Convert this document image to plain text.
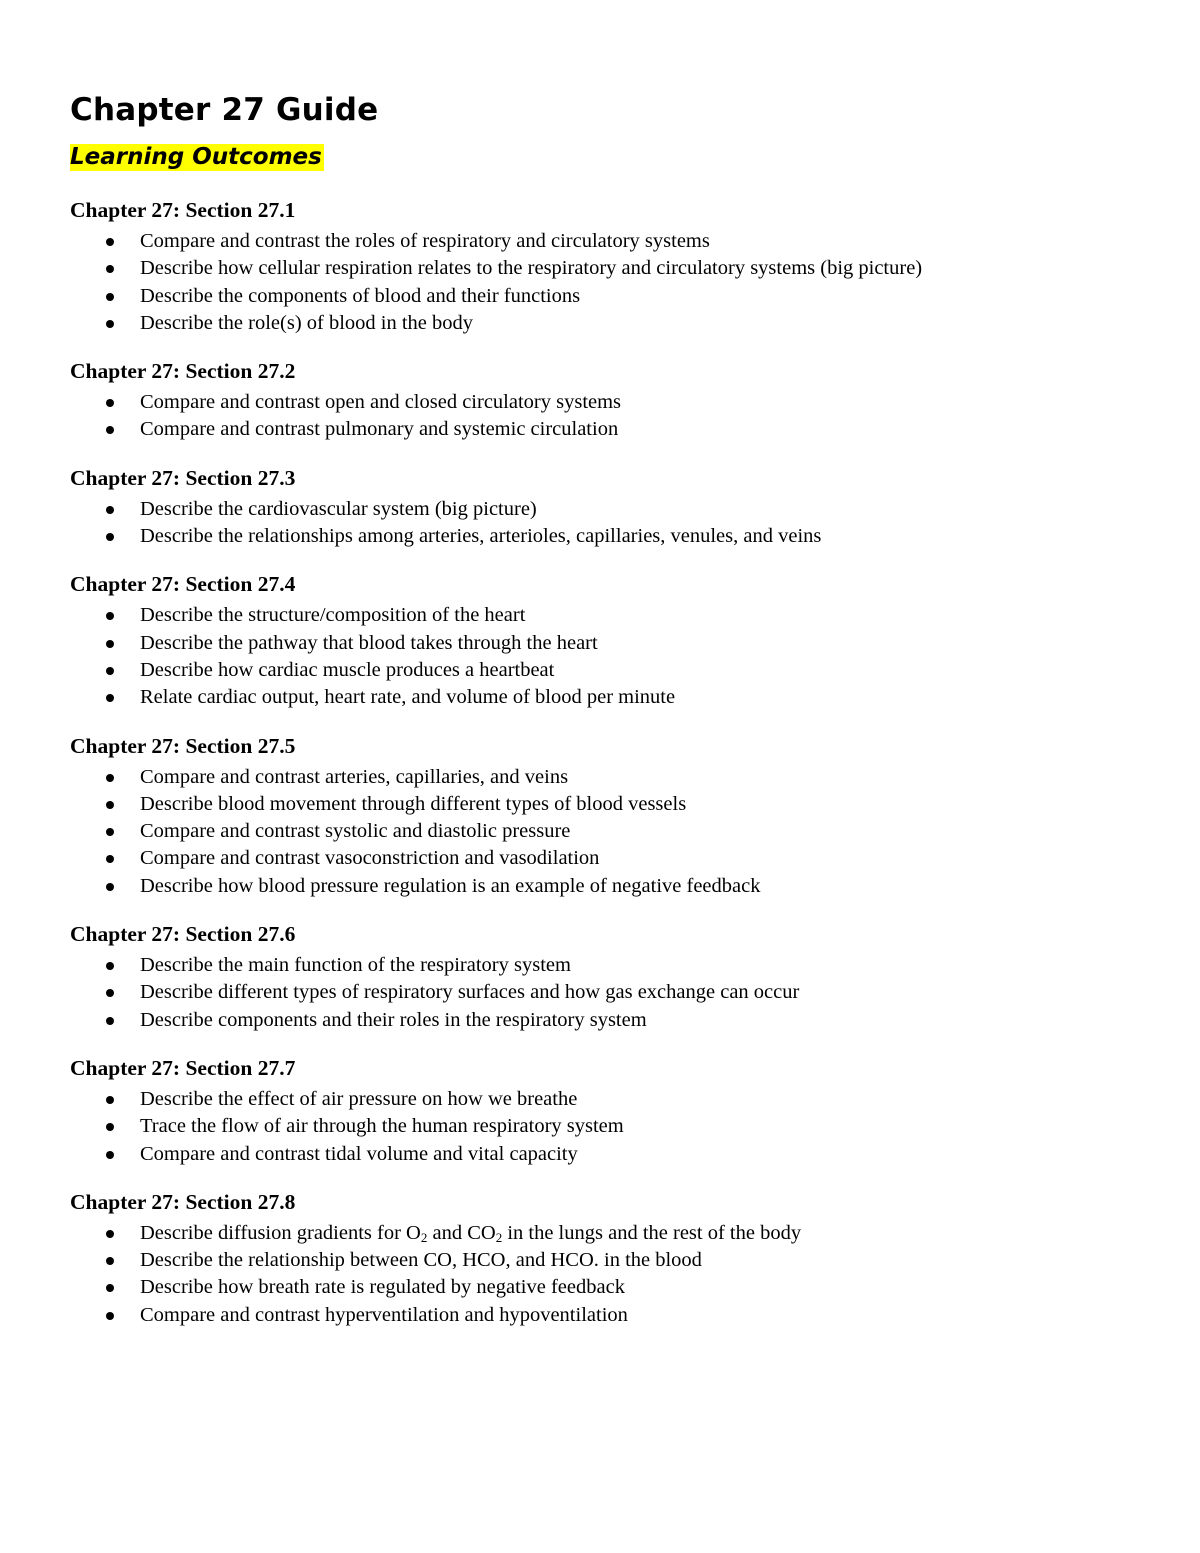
Chapter 27 Guide
Learning Outcomes
Chapter 27: Section 27.1
Compare and contrast the roles of respiratory and circulatory systems
Describe how cellular respiration relates to the respiratory and circulatory systems (big picture)
Describe the components of blood and their functions
Describe the role(s) of blood in the body
Chapter 27: Section 27.2
Compare and contrast open and closed circulatory systems
Compare and contrast pulmonary and systemic circulation
Chapter 27: Section 27.3
Describe the cardiovascular system (big picture)
Describe the relationships among arteries, arterioles, capillaries, venules, and veins
Chapter 27: Section 27.4
Describe the structure/composition of the heart
Describe the pathway that blood takes through the heart
Describe how cardiac muscle produces a heartbeat
Relate cardiac output, heart rate, and volume of blood per minute
Chapter 27: Section 27.5
Compare and contrast arteries, capillaries, and veins
Describe blood movement through different types of blood vessels
Compare and contrast systolic and diastolic pressure
Compare and contrast vasoconstriction and vasodilation
Describe how blood pressure regulation is an example of negative feedback
Chapter 27: Section 27.6
Describe the main function of the respiratory system
Describe different types of respiratory surfaces and how gas exchange can occur
Describe components and their roles in the respiratory system
Chapter 27: Section 27.7
Describe the effect of air pressure on how we breathe
Trace the flow of air through the human respiratory system
Compare and contrast tidal volume and vital capacity
Chapter 27: Section 27.8
Describe diffusion gradients for $O_2$ and $CO_2$ in the lungs and the rest of the body
Describe the relationship between CO, HCO, and HCO. in the blood
Describe how breath rate is regulated by negative feedback
Compare and contrast hyperventilation and hypoventilation
